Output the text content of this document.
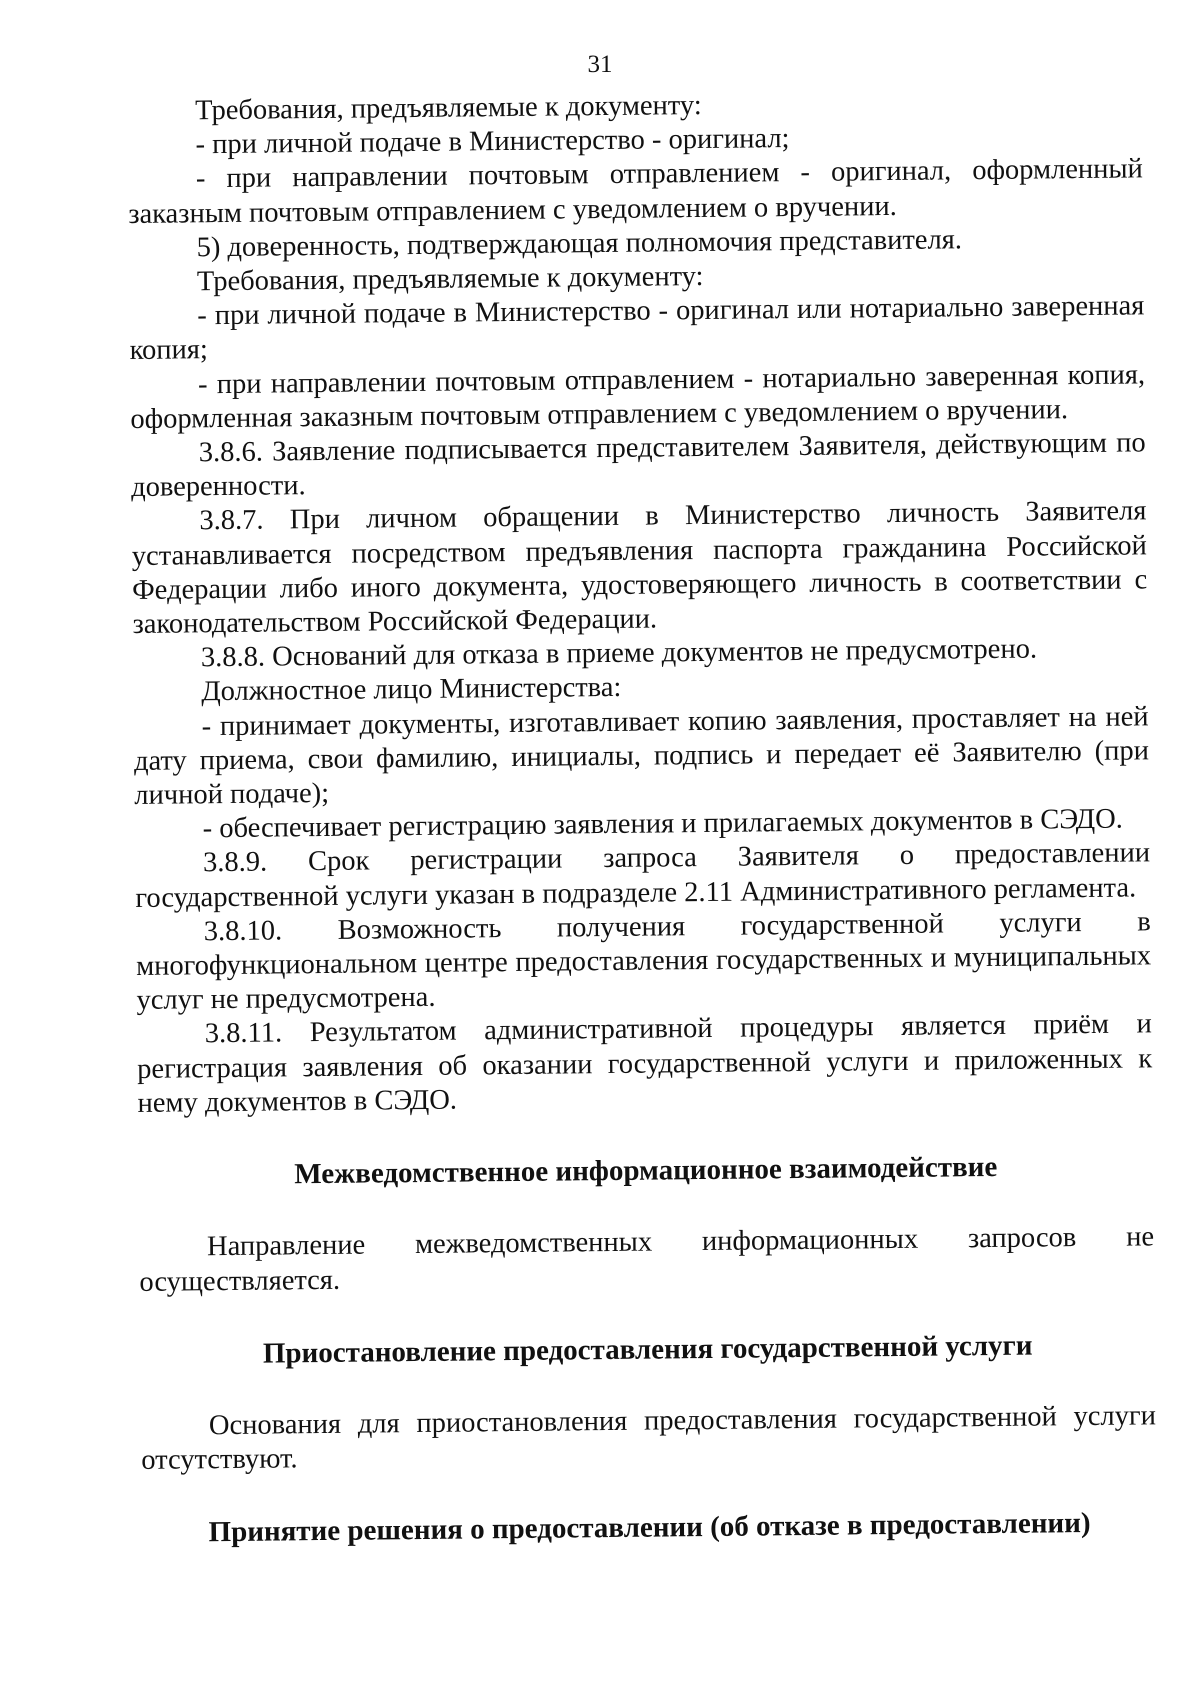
31

Требования, предъявляемые к документу:

- при личной подаче в Министерство - оригинал;

- при направлении почтовым отправлением - оригинал, оформленный заказным почтовым отправлением с уведомлением о вручении.

5) доверенность, подтверждающая полномочия представителя.

Требования, предъявляемые к документу:

- при личной подаче в Министерство - оригинал или нотариально заверенная копия;

- при направлении почтовым отправлением - нотариально заверенная копия, оформленная заказным почтовым отправлением с уведомлением о вручении.

3.8.6. Заявление подписывается представителем Заявителя, действующим по доверенности.

3.8.7. При личном обращении в Министерство личность Заявителя устанавливается посредством предъявления паспорта гражданина Российской Федерации либо иного документа, удостоверяющего личность в соответствии с законодательством Российской Федерации.

3.8.8. Оснований для отказа в приеме документов не предусмотрено.

Должностное лицо Министерства:

- принимает документы, изготавливает копию заявления, проставляет на ней дату приема, свои фамилию, инициалы, подпись и передает её Заявителю (при личной подаче);

- обеспечивает регистрацию заявления и прилагаемых документов в СЭДО.

3.8.9. Срок регистрации запроса Заявителя о предоставлении государственной услуги указан в подразделе 2.11 Административного регламента.

3.8.10. Возможность получения государственной услуги в многофункциональном центре предоставления государственных и муниципальных услуг не предусмотрена.

3.8.11. Результатом административной процедуры является приём и регистрация заявления об оказании государственной услуги и приложенных к нему документов в СЭДО.

Межведомственное информационное взаимодействие

Направление межведомственных информационных запросов не осуществляется.

Приостановление предоставления государственной услуги

Основания для приостановления предоставления государственной услуги отсутствуют.

Принятие решения о предоставлении (об отказе в предоставлении)
